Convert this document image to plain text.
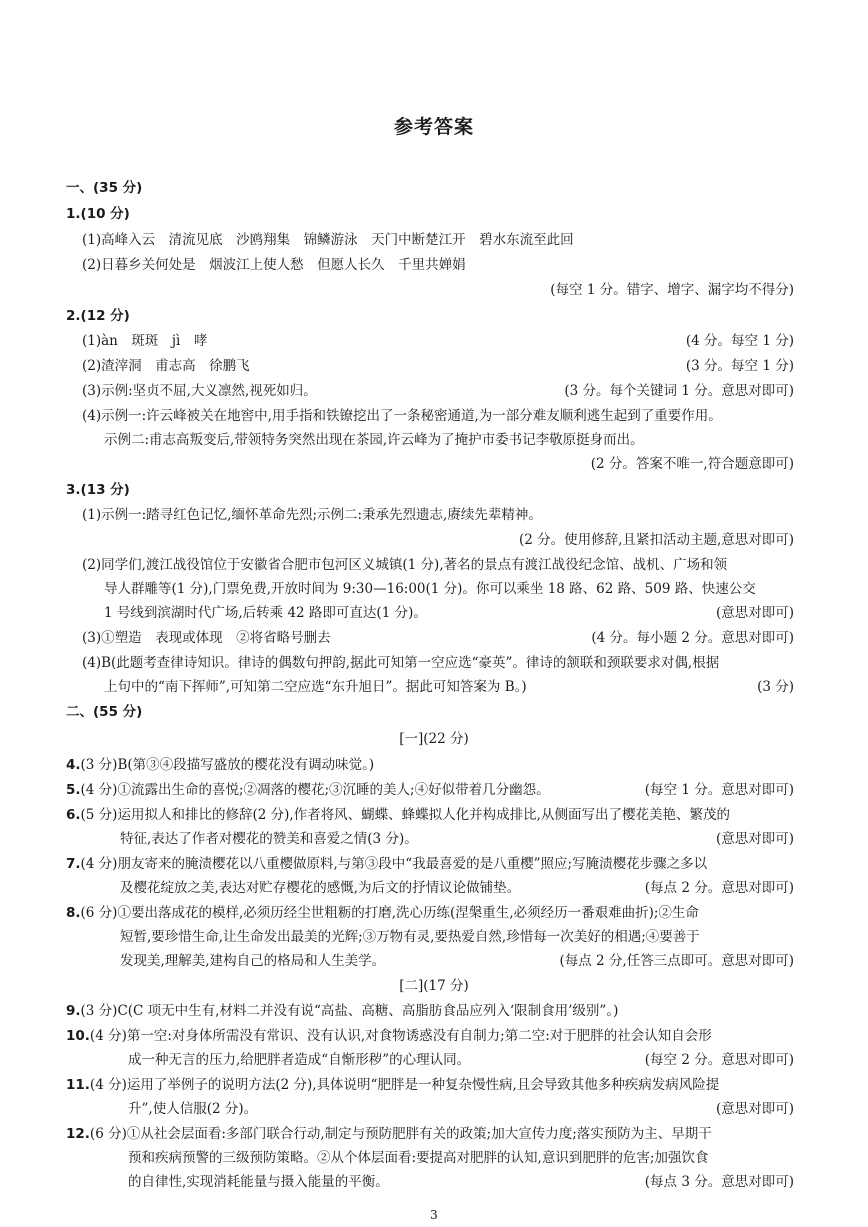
参考答案
一、(35 分)
1.(10 分)
(1)高峰入云　清流见底　沙鸥翔集　锦鳞游泳　天门中断楚江开　碧水东流至此回
(2)日暮乡关何处是　烟波江上使人愁　但愿人长久　千里共婵娟
(每空 1 分。错字、增字、漏字均不得分)
2.(12 分)
(1)àn　斑斑　jì　哮	(4 分。每空 1 分)
(2)渣滓洞　甫志高　徐鹏飞	(3 分。每空 1 分)
(3)示例:坚贞不屈,大义凛然,视死如归。	(3 分。每个关键词 1 分。意思对即可)
(4)示例一:许云峰被关在地窖中,用手指和铁镣挖出了一条秘密通道,为一部分难友顺利逃生起到了重要作用。
示例二:甫志高叛变后,带领特务突然出现在茶园,许云峰为了掩护市委书记李敬原挺身而出。
(2 分。答案不唯一,符合题意即可)
3.(13 分)
(1)示例一:踏寻红色记忆,缅怀革命先烈;示例二:秉承先烈遗志,赓续先辈精神。
(2 分。使用修辞,且紧扣活动主题,意思对即可)
(2)同学们,渡江战役馆位于安徽省合肥市包河区义城镇(1 分),著名的景点有渡江战役纪念馆、战机、广场和领
导人群雕等(1 分),门票免费,开放时间为 9:30—16:00(1 分)。你可以乘坐 18 路、62 路、509 路、快速公交
1 号线到滨湖时代广场,后转乘 42 路即可直达(1 分)。	(意思对即可)
(3)①塑造　表现或体现　②将省略号删去	(4 分。每小题 2 分。意思对即可)
(4)B(此题考查律诗知识。律诗的偶数句押韵,据此可知第一空应选“豪英”。律诗的颔联和颈联要求对偶,根据
上句中的“南下挥师”,可知第二空应选“东升旭日”。据此可知答案为 B。)	(3 分)
二、(55 分)
[一](22 分)
4.(3 分)B(第③④段描写盛放的樱花没有调动味觉。)
5.(4 分)①流露出生命的喜悦;②凋落的樱花;③沉睡的美人;④好似带着几分幽怨。	(每空 1 分。意思对即可)
6.(5 分)运用拟人和排比的修辞(2 分),作者将风、蝴蝶、蜂蝶拟人化并构成排比,从侧面写出了樱花美艳、繁茂的
特征,表达了作者对樱花的赞美和喜爱之情(3 分)。	(意思对即可)
7.(4 分)朋友寄来的腌渍樱花以八重樱做原料,与第③段中“我最喜爱的是八重樱”照应;写腌渍樱花步骤之多以
及樱花绽放之美,表达对贮存樱花的感慨,为后文的抒情议论做铺垫。	(每点 2 分。意思对即可)
8.(6 分)①要出落成花的模样,必须历经尘世粗粝的打磨,洗心历练(涅槃重生,必须经历一番艰难曲折);②生命
短暂,要珍惜生命,让生命发出最美的光辉;③万物有灵,要热爱自然,珍惜每一次美好的相遇;④要善于
发现美,理解美,建构自己的格局和人生美学。	(每点 2 分,任答三点即可。意思对即可)
[二](17 分)
9.(3 分)C(C 项无中生有,材料二并没有说“高盐、高糖、高脂肪食品应列入‘限制食用’级别”。)
10.(4 分)第一空:对身体所需没有常识、没有认识,对食物诱惑没有自制力;第二空:对于肥胖的社会认知自会形
成一种无言的压力,给肥胖者造成“自惭形秽”的心理认同。	(每空 2 分。意思对即可)
11.(4 分)运用了举例子的说明方法(2 分),具体说明“肥胖是一种复杂慢性病,且会导致其他多种疾病发病风险提
升”,使人信服(2 分)。	(意思对即可)
12.(6 分)①从社会层面看:多部门联合行动,制定与预防肥胖有关的政策;加大宣传力度;落实预防为主、早期干
预和疾病预警的三级预防策略。②从个体层面看:要提高对肥胖的认知,意识到肥胖的危害;加强饮食
的自律性,实现消耗能量与摄入能量的平衡。	(每点 3 分。意思对即可)
3
